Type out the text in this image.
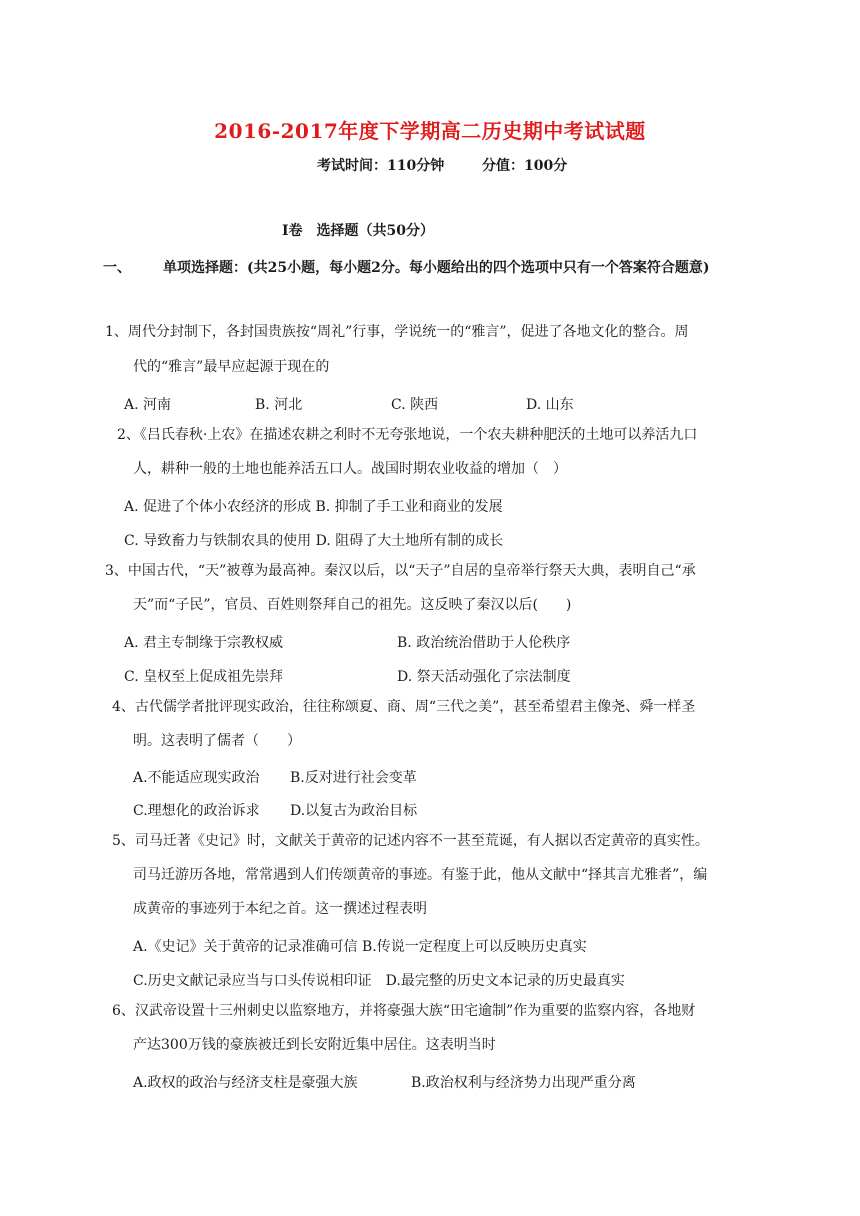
2016-2017年度下学期高二历史期中考试试题
考试时间：110分钟	分值：100分
Ⅰ卷　选择题（共50分）
一、 单项选择题：(共25小题，每小题2分。每小题给出的四个选项中只有一个答案符合题意)
1、周代分封制下，各封国贵族按“周礼”行事，学说统一的“雅言”，促进了各地文化的整合。周
代的“雅言”最早应起源于现在的
A. 河南	B. 河北	C. 陕西	D. 山东
2、《吕氏春秋·上农》在描述农耕之利时不无夸张地说，一个农夫耕种肥沃的土地可以养活九口
人，耕种一般的土地也能养活五口人。战国时期农业收益的增加（　）
A. 促进了个体小农经济的形成 B. 抑制了手工业和商业的发展
C. 导致畜力与铁制农具的使用 D. 阻碍了大土地所有制的成长
3、中国古代，“天”被尊为最高神。秦汉以后，以“天子”自居的皇帝举行祭天大典，表明自己“承
天”而“子民”，官员、百姓则祭拜自己的祖先。这反映了秦汉以后(　　)
A. 君主专制缘于宗教权威	B. 政治统治借助于人伦秩序
C. 皇权至上促成祖先崇拜	D. 祭天活动强化了宗法制度
4、古代儒学者批评现实政治，往往称颂夏、商、周“三代之美”，甚至希望君主像尧、舜一样圣
明。这表明了儒者（　　）
A.不能适应现实政治 B.反对进行社会变革
C.理想化的政治诉求 D.以复古为政治目标
5、司马迁著《史记》时，文献关于黄帝的记述内容不一甚至荒诞，有人据以否定黄帝的真实性。
司马迁游历各地，常常遇到人们传颂黄帝的事迹。有鉴于此，他从文献中“择其言尤雅者”，编
成黄帝的事迹列于本纪之首。这一撰述过程表明
A.《史记》关于黄帝的记录准确可信 B.传说一定程度上可以反映历史真实
C.历史文献记录应当与口头传说相印证　D.最完整的历史文本记录的历史最真实
6、汉武帝设置十三州刺史以监察地方，并将豪强大族“田宅逾制”作为重要的监察内容，各地财
产达300万钱的豪族被迁到长安附近集中居住。这表明当时
A.政权的政治与经济支柱是豪强大族	B.政治权利与经济势力出现严重分离
